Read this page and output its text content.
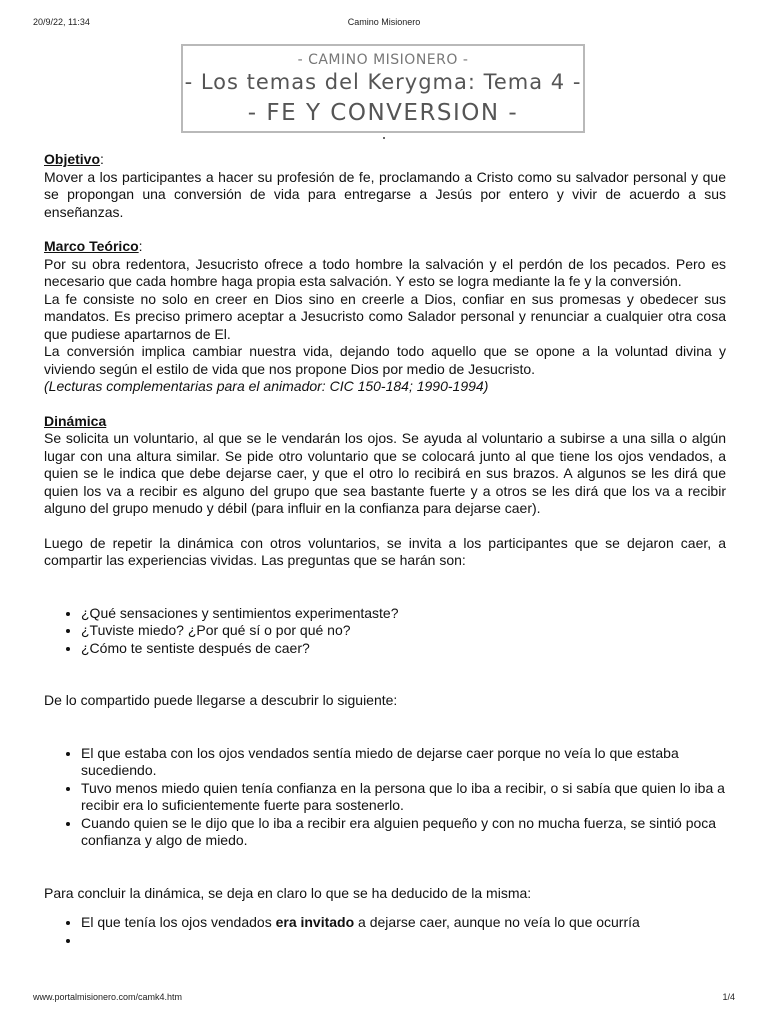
Camino Misionero
20/9/22, 11:34
- CAMINO MISIONERO -
- Los temas del Kerygma: Tema 4 -
- FE Y CONVERSION -

Objetivo:

Mover a los participantes a hacer su profesión de fe, proclamando a Cristo como su salvador personal y que se propongan una conversión de vida para entregarse a Jesús por entero y vivir de acuerdo a sus enseñanzas.

Marco Teórico:

Por su obra redentora, Jesucristo ofrece a todo hombre la salvación y el perdón de los pecados. Pero es necesario que cada hombre haga propia esta salvación. Y esto se logra mediante la fe y la conversión.

La fe consiste no solo en creer en Dios sino en creerle a Dios, confiar en sus promesas y obedecer sus mandatos. Es preciso primero aceptar a Jesucristo como Salador personal y renunciar a cualquier otra cosa que pudiese apartarnos de El.

La conversión implica cambiar nuestra vida, dejando todo aquello que se opone a la voluntad divina y viviendo según el estilo de vida que nos propone Dios por medio de Jesucristo.

(Lecturas complementarias para el animador: CIC 150-184; 1990-1994)

Dinámica

Se solicita un voluntario, al que se le vendarán los ojos. Se ayuda al voluntario a subirse a una silla o algún lugar con una altura similar. Se pide otro voluntario que se colocará junto al que tiene los ojos vendados, a quien se le indica que debe dejarse caer, y que el otro lo recibirá en sus brazos. A algunos se les dirá que quien los va a recibir es alguno del grupo que sea bastante fuerte y a otros se les dirá que los va a recibir alguno del grupo menudo y débil (para influir en la confianza para dejarse caer).

Luego de repetir la dinámica con otros voluntarios, se invita a los participantes que se dejaron caer, a compartir las experiencias vividas. Las preguntas que se harán son:

• ¿Qué sensaciones y sentimientos experimentaste?
• ¿Tuviste miedo? ¿Por qué sí o por qué no?
• ¿Cómo te sentiste después de caer?

De lo compartido puede llegarse a descubrir lo siguiente:

• El que estaba con los ojos vendados sentía miedo de dejarse caer porque no veía lo que estaba sucediendo.
• Tuvo menos miedo quien tenía confianza en la persona que lo iba a recibir, o si sabía que quien lo iba a recibir era lo suficientemente fuerte para sostenerlo.
• Cuando quien se le dijo que lo iba a recibir era alguien pequeño y con no mucha fuerza, se sintió poca confianza y algo de miedo.

Para concluir la dinámica, se deja en claro lo que se ha deducido de la misma:

• El que tenía los ojos vendados era invitado a dejarse caer, aunque no veía lo que ocurría
•
www.portalmisionero.com/camk4.htm	1/4
